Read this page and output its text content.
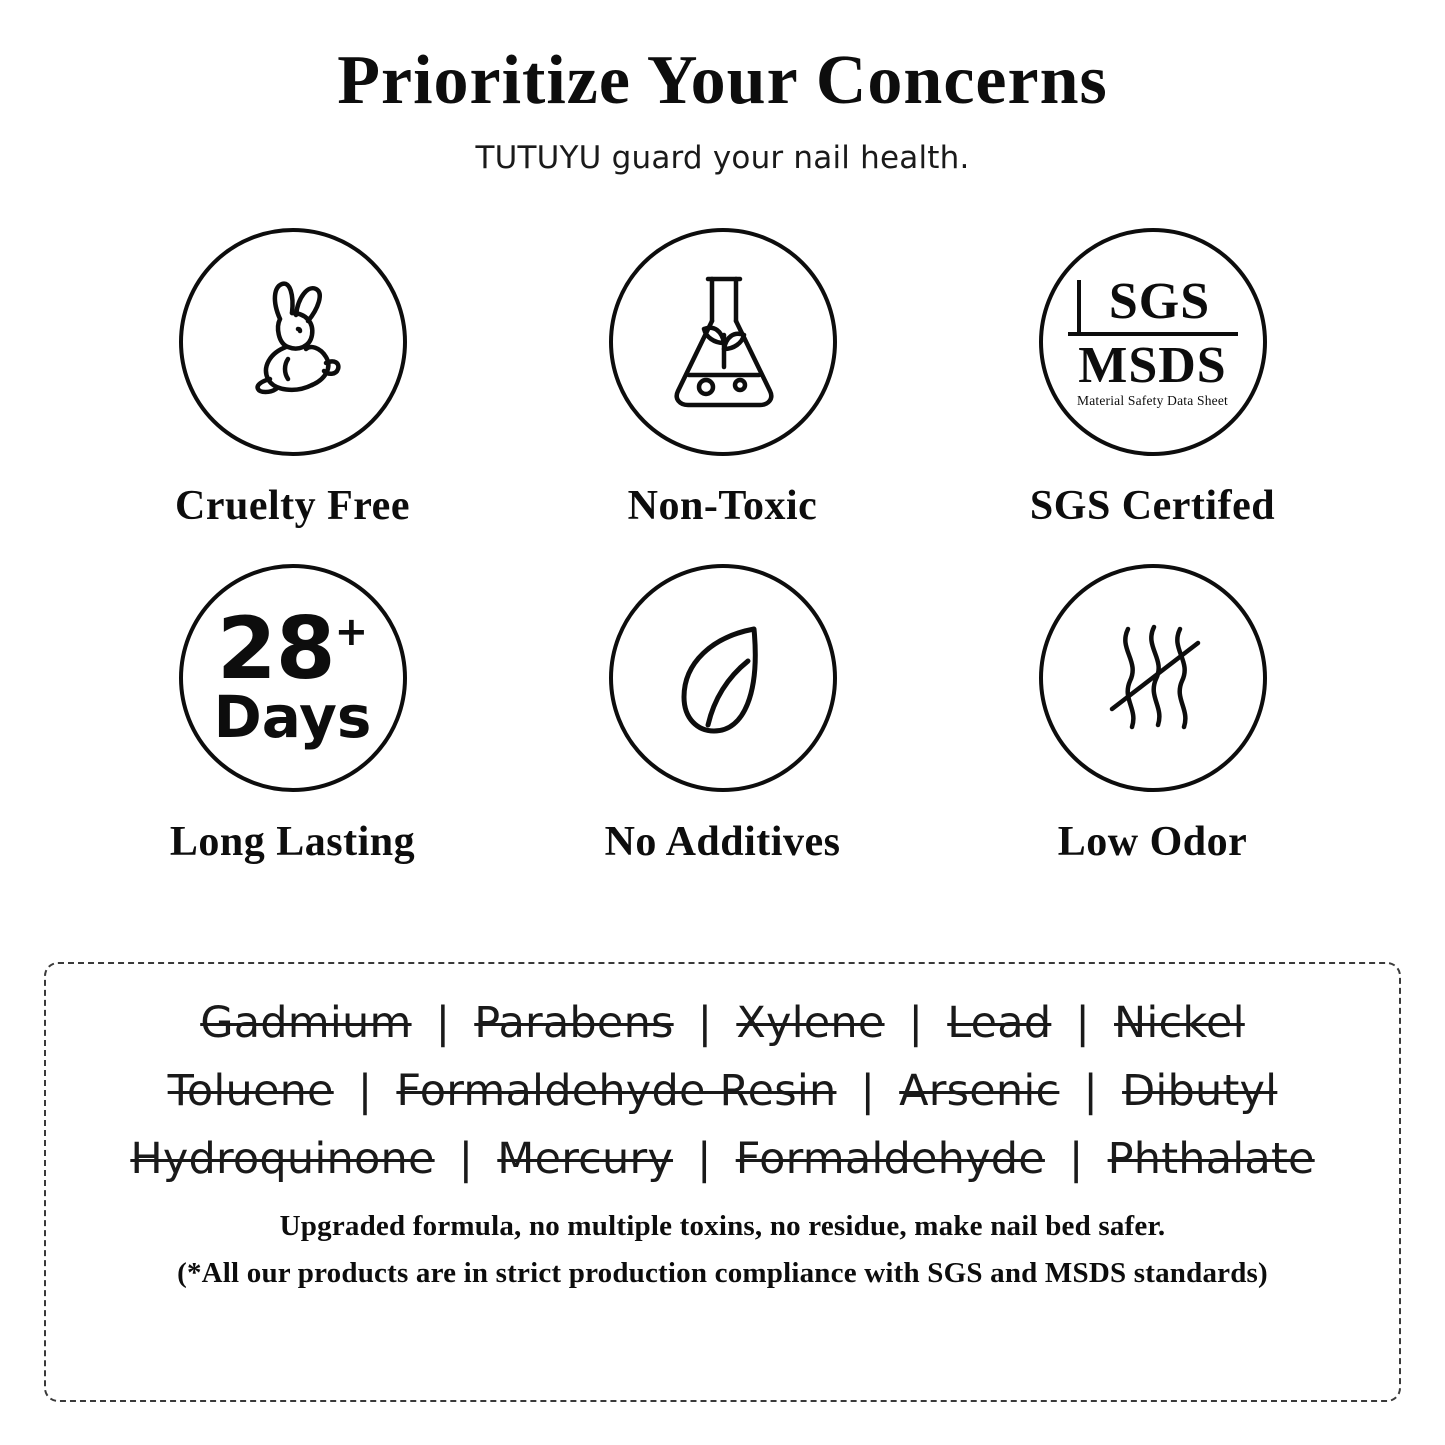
Prioritize Your Concerns
TUTUYU guard your nail health.
Cruelty Free	Non-Toxic
SGS
MSDS
Material Safety Data Sheet
SGS Certifed
28+
Days
Long Lasting	No Additives	Low Odor
Gadmium | Parabens | Xylene | Lead | Nickel
Toluene | Formaldehyde Resin | Arsenic | Dibutyl
Hydroquinone | Mercury | Formaldehyde | Phthalate
Upgraded formula, no multiple toxins, no residue, make nail bed safer.
(*All our products are in strict production compliance with SGS and MSDS standards)
